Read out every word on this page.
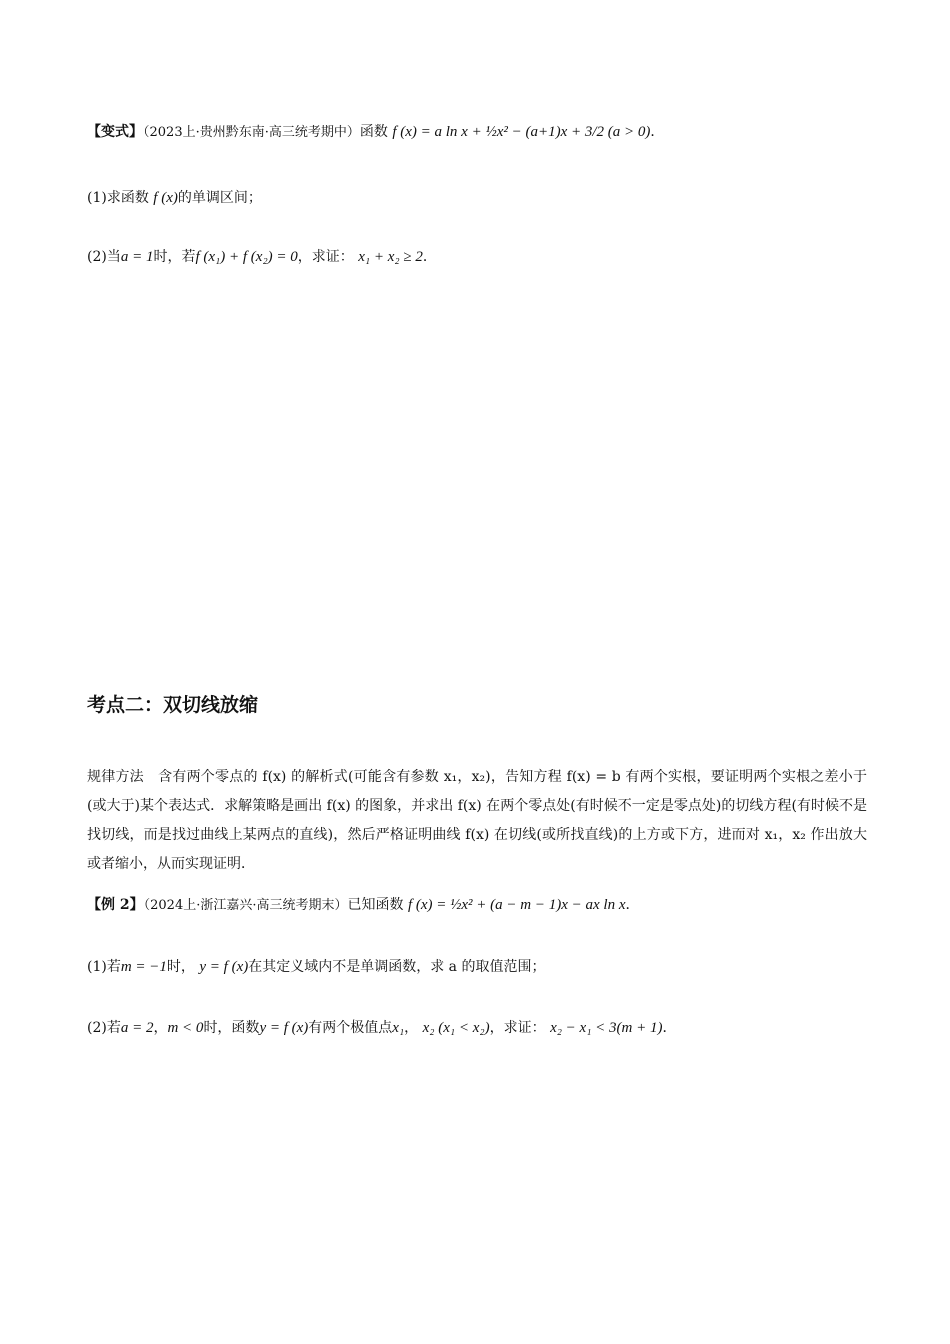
【变式】（2023上·贵州黔东南·高三统考期中）函数 f (x) = a ln x + ½x² − (a+1)x + 3/2 (a > 0)．
(1)求函数 f (x)的单调区间；
(2)当a = 1时，若f (x₁) + f (x₂) = 0，求证： x₁ + x₂ ≥ 2．
考点二：双切线放缩
规律方法　含有两个零点的 f(x) 的解析式(可能含有参数 x₁，x₂)，告知方程 f(x) = b 有两个实根，要证明两个实根之差小于(或大于)某个表达式．求解策略是画出 f(x) 的图象，并求出 f(x) 在两个零点处(有时候不一定是零点处)的切线方程(有时候不是找切线，而是找过曲线上某两点的直线)，然后严格证明曲线 f(x) 在切线(或所找直线)的上方或下方，进而对 x₁，x₂ 作出放大或者缩小，从而实现证明．
【例 2】（2024上·浙江嘉兴·高三统考期末）已知函数 f (x) = ½x² + (a − m − 1)x − ax ln x．
(1)若m = −1时， y = f (x)在其定义域内不是单调函数，求 a 的取值范围；
(2)若a = 2，m < 0时，函数y = f (x)有两个极值点x₁， x₂ (x₁ < x₂)，求证： x₂ − x₁ < 3(m + 1)．
